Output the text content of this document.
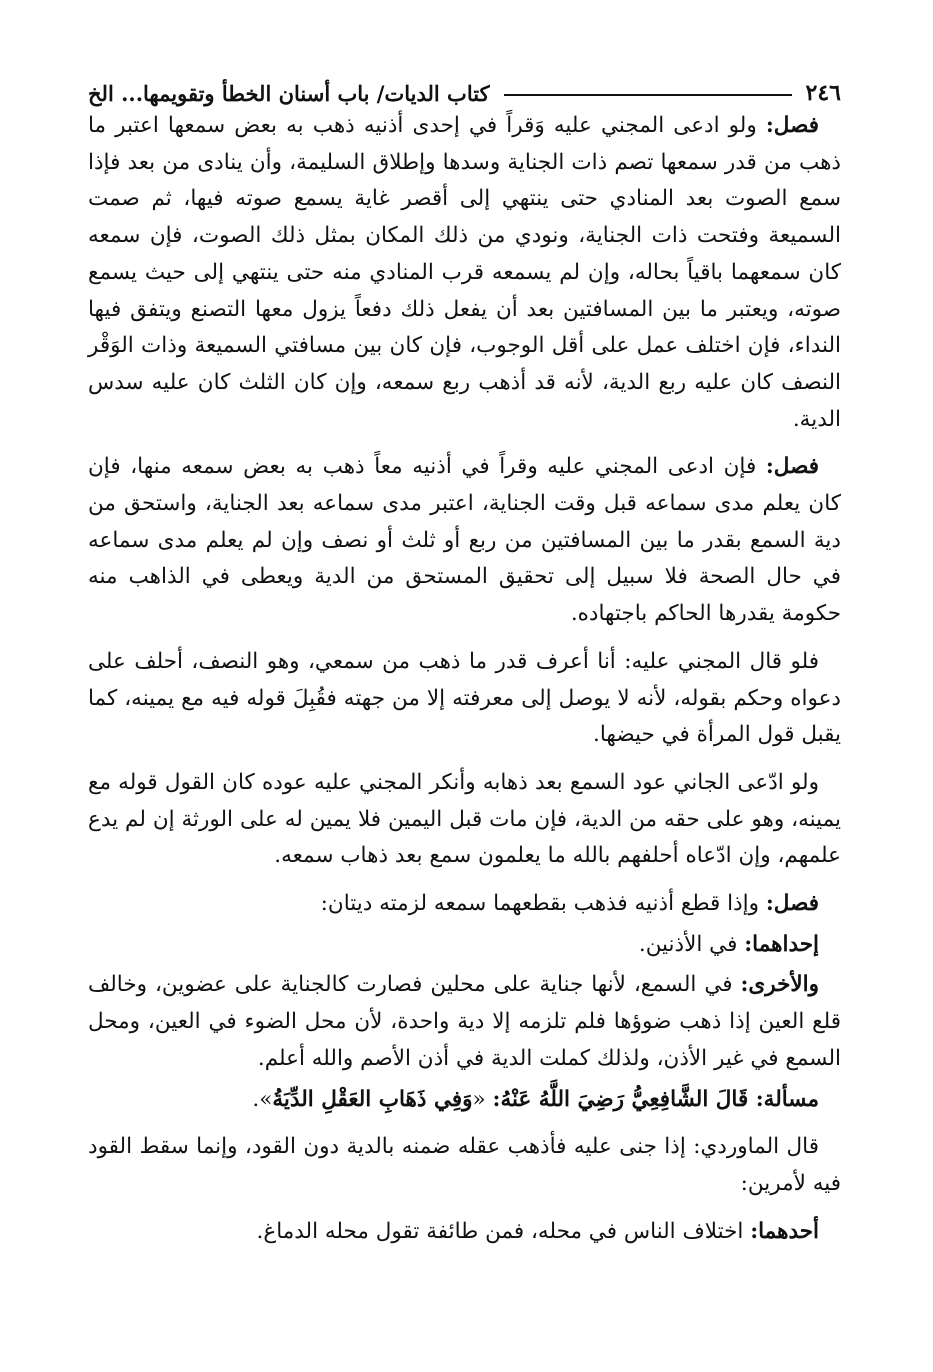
٢٤٦
كتاب الديات/ باب أسنان الخطأ وتقويمها... الخ

فصل: ولو ادعى المجني عليه وَقراً في إحدى أذنيه ذهب به بعض سمعها اعتبر ما ذهب من قدر سمعها تصم ذات الجناية وسدها وإطلاق السليمة، وأن ينادى من بعد فإذا سمع الصوت بعد المنادي حتى ينتهي إلى أقصر غاية يسمع صوته فيها، ثم صمت السميعة وفتحت ذات الجناية، ونودي من ذلك المكان بمثل ذلك الصوت، فإن سمعه كان سمعهما باقياً بحاله، وإن لم يسمعه قرب المنادي منه حتى ينتهي إلى حيث يسمع صوته، ويعتبر ما بين المسافتين بعد أن يفعل ذلك دفعاً يزول معها التصنع ويتفق فيها النداء، فإن اختلف عمل على أقل الوجوب، فإن كان بين مسافتي السميعة وذات الوَقْر النصف كان عليه ربع الدية، لأنه قد أذهب ربع سمعه، وإن كان الثلث كان عليه سدس الدية.

فصل: فإن ادعى المجني عليه وقراً في أذنيه معاً ذهب به بعض سمعه منها، فإن كان يعلم مدى سماعه قبل وقت الجناية، اعتبر مدى سماعه بعد الجناية، واستحق من دية السمع بقدر ما بين المسافتين من ربع أو ثلث أو نصف وإن لم يعلم مدى سماعه في حال الصحة فلا سبيل إلى تحقيق المستحق من الدية ويعطى في الذاهب منه حكومة يقدرها الحاكم باجتهاده.

فلو قال المجني عليه: أنا أعرف قدر ما ذهب من سمعي، وهو النصف، أحلف على دعواه وحكم بقوله، لأنه لا يوصل إلى معرفته إلا من جهته فقُبِلَ قوله فيه مع يمينه، كما يقبل قول المرأة في حيضها.

ولو ادّعى الجاني عود السمع بعد ذهابه وأنكر المجني عليه عوده كان القول قوله مع يمينه، وهو على حقه من الدية، فإن مات قبل اليمين فلا يمين له على الورثة إن لم يدع علمهم، وإن ادّعاه أحلفهم بالله ما يعلمون سمع بعد ذهاب سمعه.

فصل: وإذا قطع أذنيه فذهب بقطعهما سمعه لزمته ديتان:

إحداهما: في الأذنين.

والأخرى: في السمع، لأنها جناية على محلين فصارت كالجناية على عضوين، وخالف قلع العين إذا ذهب ضوؤها فلم تلزمه إلا دية واحدة، لأن محل الضوء في العين، ومحل السمع في غير الأذن، ولذلك كملت الدية في أذن الأصم والله أعلم.

مسألة: قَالَ الشَّافِعِيُّ رَضِيَ اللَّهُ عَنْهُ: «وَفِي ذَهَابِ العَقْلِ الدِّيَةُ».

قال الماوردي: إذا جنى عليه فأذهب عقله ضمنه بالدية دون القود، وإنما سقط القود فيه لأمرين:

أحدهما: اختلاف الناس في محله، فمن طائفة تقول محله الدماغ.
